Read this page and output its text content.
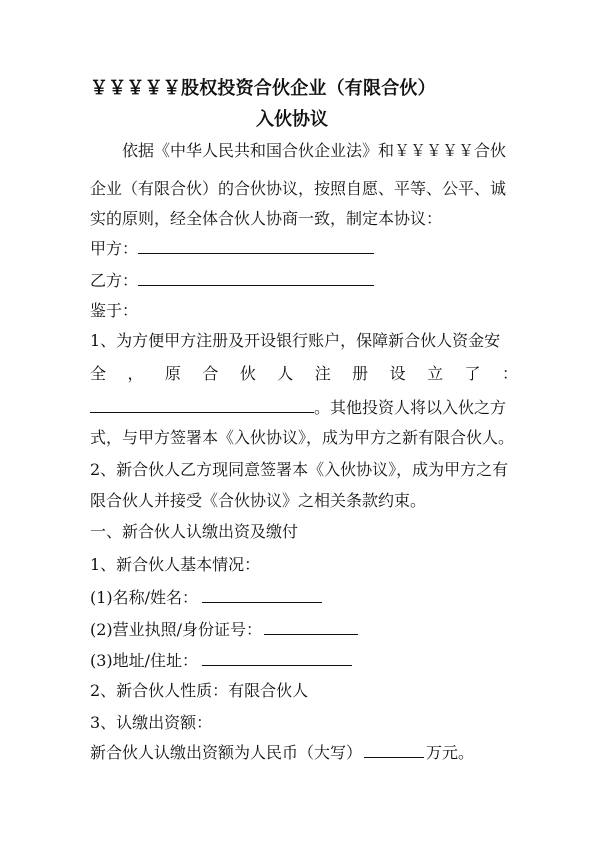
￥￥￥￥￥股权投资合伙企业（有限合伙）
入伙协议
依据《中华人民共和国合伙企业法》和￥￥￥￥￥合伙
企业（有限合伙）的合伙协议，按照自愿、平等、公平、诚
实的原则，经全体合伙人协商一致，制定本协议：
甲方：
乙方：
鉴于：
1、为方便甲方注册及开设银行账户，保障新合伙人资金安
全 ， 原 合 伙 人 注 册 设 立 了 ：
。其他投资人将以入伙之方
式，与甲方签署本《入伙协议》，成为甲方之新有限合伙人。
2、新合伙人乙方现同意签署本《入伙协议》，成为甲方之有
限合伙人并接受《合伙协议》之相关条款约束。
一、新合伙人认缴出资及缴付
1、新合伙人基本情况：
(1)名称/姓名：
(2)营业执照/身份证号：
(3)地址/住址：
2、新合伙人性质：有限合伙人
3、认缴出资额：
新合伙人认缴出资额为人民币（大写）	万元。
